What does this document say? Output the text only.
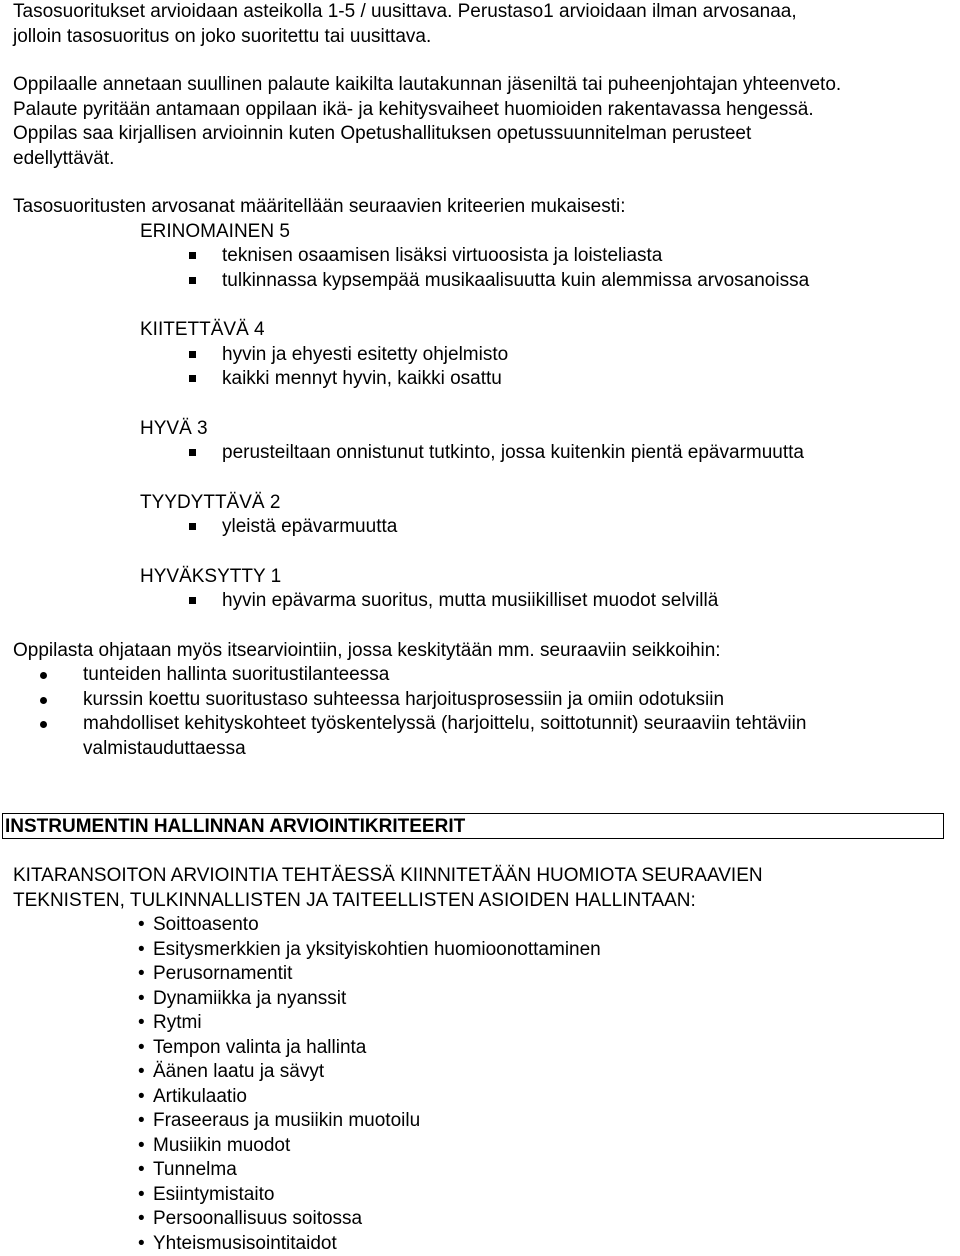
Tasosuoritukset arvioidaan asteikolla 1-5 / uusittava. Perustaso1 arvioidaan ilman arvosanaa,
jolloin tasosuoritus on joko suoritettu tai uusittava.

Oppilaalle annetaan suullinen palaute kaikilta lautakunnan jäseniltä tai puheenjohtajan yhteenveto.
Palaute pyritään antamaan oppilaan ikä- ja kehitysvaiheet huomioiden rakentavassa hengessä.
Oppilas saa kirjallisen arvioinnin kuten Opetushallituksen opetussuunnitelman perusteet
edellyttävät.

Tasosuoritusten arvosanat määritellään seuraavien kriteerien mukaisesti:

ERINOMAINEN 5

teknisen osaamisen lisäksi virtuoosista ja loisteliasta
tulkinnassa kypsempää musikaalisuutta kuin alemmissa arvosanoissa

KIITETTÄVÄ 4

hyvin ja ehyesti esitetty ohjelmisto
kaikki mennyt hyvin, kaikki osattu

HYVÄ 3

perusteiltaan onnistunut tutkinto, jossa kuitenkin pientä epävarmuutta

TYYDYTTÄVÄ 2

yleistä epävarmuutta

HYVÄKSYTTY 1

hyvin epävarma suoritus, mutta musiikilliset muodot selvillä

Oppilasta ohjataan myös itsearviointiin, jossa keskitytään mm. seuraaviin seikkoihin:

tunteiden hallinta suoritustilanteessa
kurssin koettu suoritustaso suhteessa harjoitusprosessiin ja omiin odotuksiin
mahdolliset kehityskohteet työskentelyssä (harjoittelu, soittotunnit) seuraaviin tehtäviin
valmistauduttaessa
INSTRUMENTIN HALLINNAN ARVIOINTIKRITEERIT

KITARANSOITON ARVIOINTIA TEHTÄESSÄ KIINNITETÄÄN HUOMIOTA SEURAAVIEN
TEKNISTEN, TULKINNALLISTEN JA TAITEELLISTEN ASIOIDEN HALLINTAAN:

• Soittoasento
• Esitysmerkkien ja yksityiskohtien huomioonottaminen
• Perusornamentit
• Dynamiikka ja nyanssit
• Rytmi
• Tempon valinta ja hallinta
• Äänen laatu ja sävyt
• Artikulaatio
• Fraseeraus ja musiikin muotoilu
• Musiikin muodot
• Tunnelma
• Esiintymistaito
• Persoonallisuus soitossa
• Yhteismusisointitaidot
